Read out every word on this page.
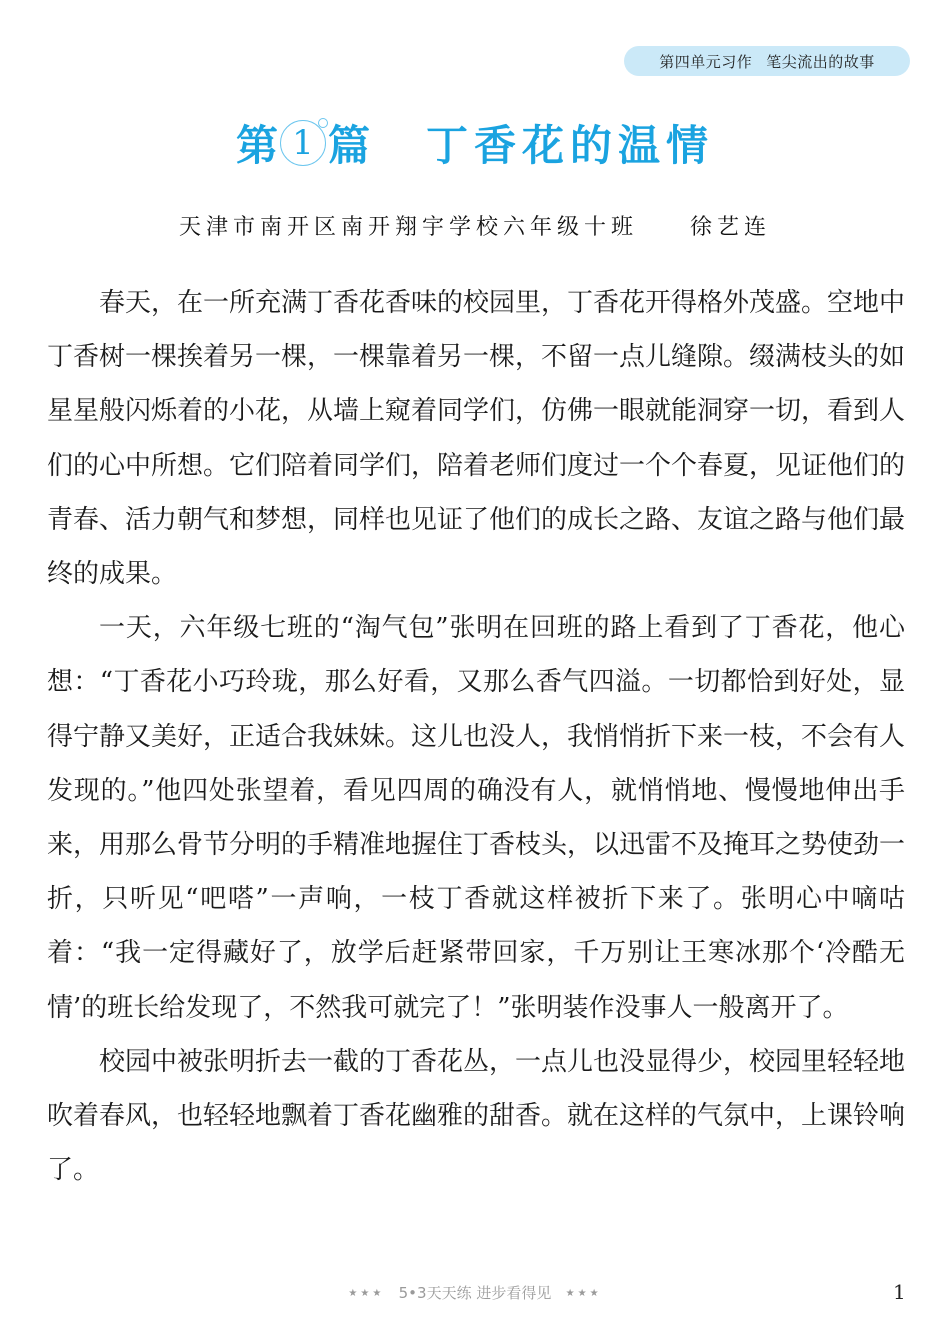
第四单元习作 笔尖流出的故事
第 1 篇 丁香花的温情
天津市南开区南开翔宇学校六年级十班 徐艺连

春天，在一所充满丁香花香味的校园里，丁香花开得格外茂盛。空地中丁香树一棵挨着另一棵，一棵靠着另一棵，不留一点儿缝隙。缀满枝头的如星星般闪烁着的小花，从墙上窥着同学们，仿佛一眼就能洞穿一切，看到人们的心中所想。它们陪着同学们，陪着老师们度过一个个春夏，见证他们的青春、活力朝气和梦想，同样也见证了他们的成长之路、友谊之路与他们最终的成果。

一天，六年级七班的“淘气包”张明在回班的路上看到了丁香花，他心想：“丁香花小巧玲珑，那么好看，又那么香气四溢。一切都恰到好处，显得宁静又美好，正适合我妹妹。这儿也没人，我悄悄折下来一枝，不会有人发现的。”他四处张望着，看见四周的确没有人，就悄悄地、慢慢地伸出手来，用那么骨节分明的手精准地握住丁香枝头，以迅雷不及掩耳之势使劲一折，只听见“吧嗒”一声响，一枝丁香就这样被折下来了。张明心中嘀咕着：“我一定得藏好了，放学后赶紧带回家，千万别让王寒冰那个‘冷酷无情’的班长给发现了，不然我可就完了！”张明装作没事人一般离开了。

校园中被张明折去一截的丁香花丛，一点儿也没显得少，校园里轻轻地吹着春风，也轻轻地飘着丁香花幽雅的甜香。就在这样的气氛中，上课铃响了。

★★★ 5•3天天练 进步看得见 ★★★	1
